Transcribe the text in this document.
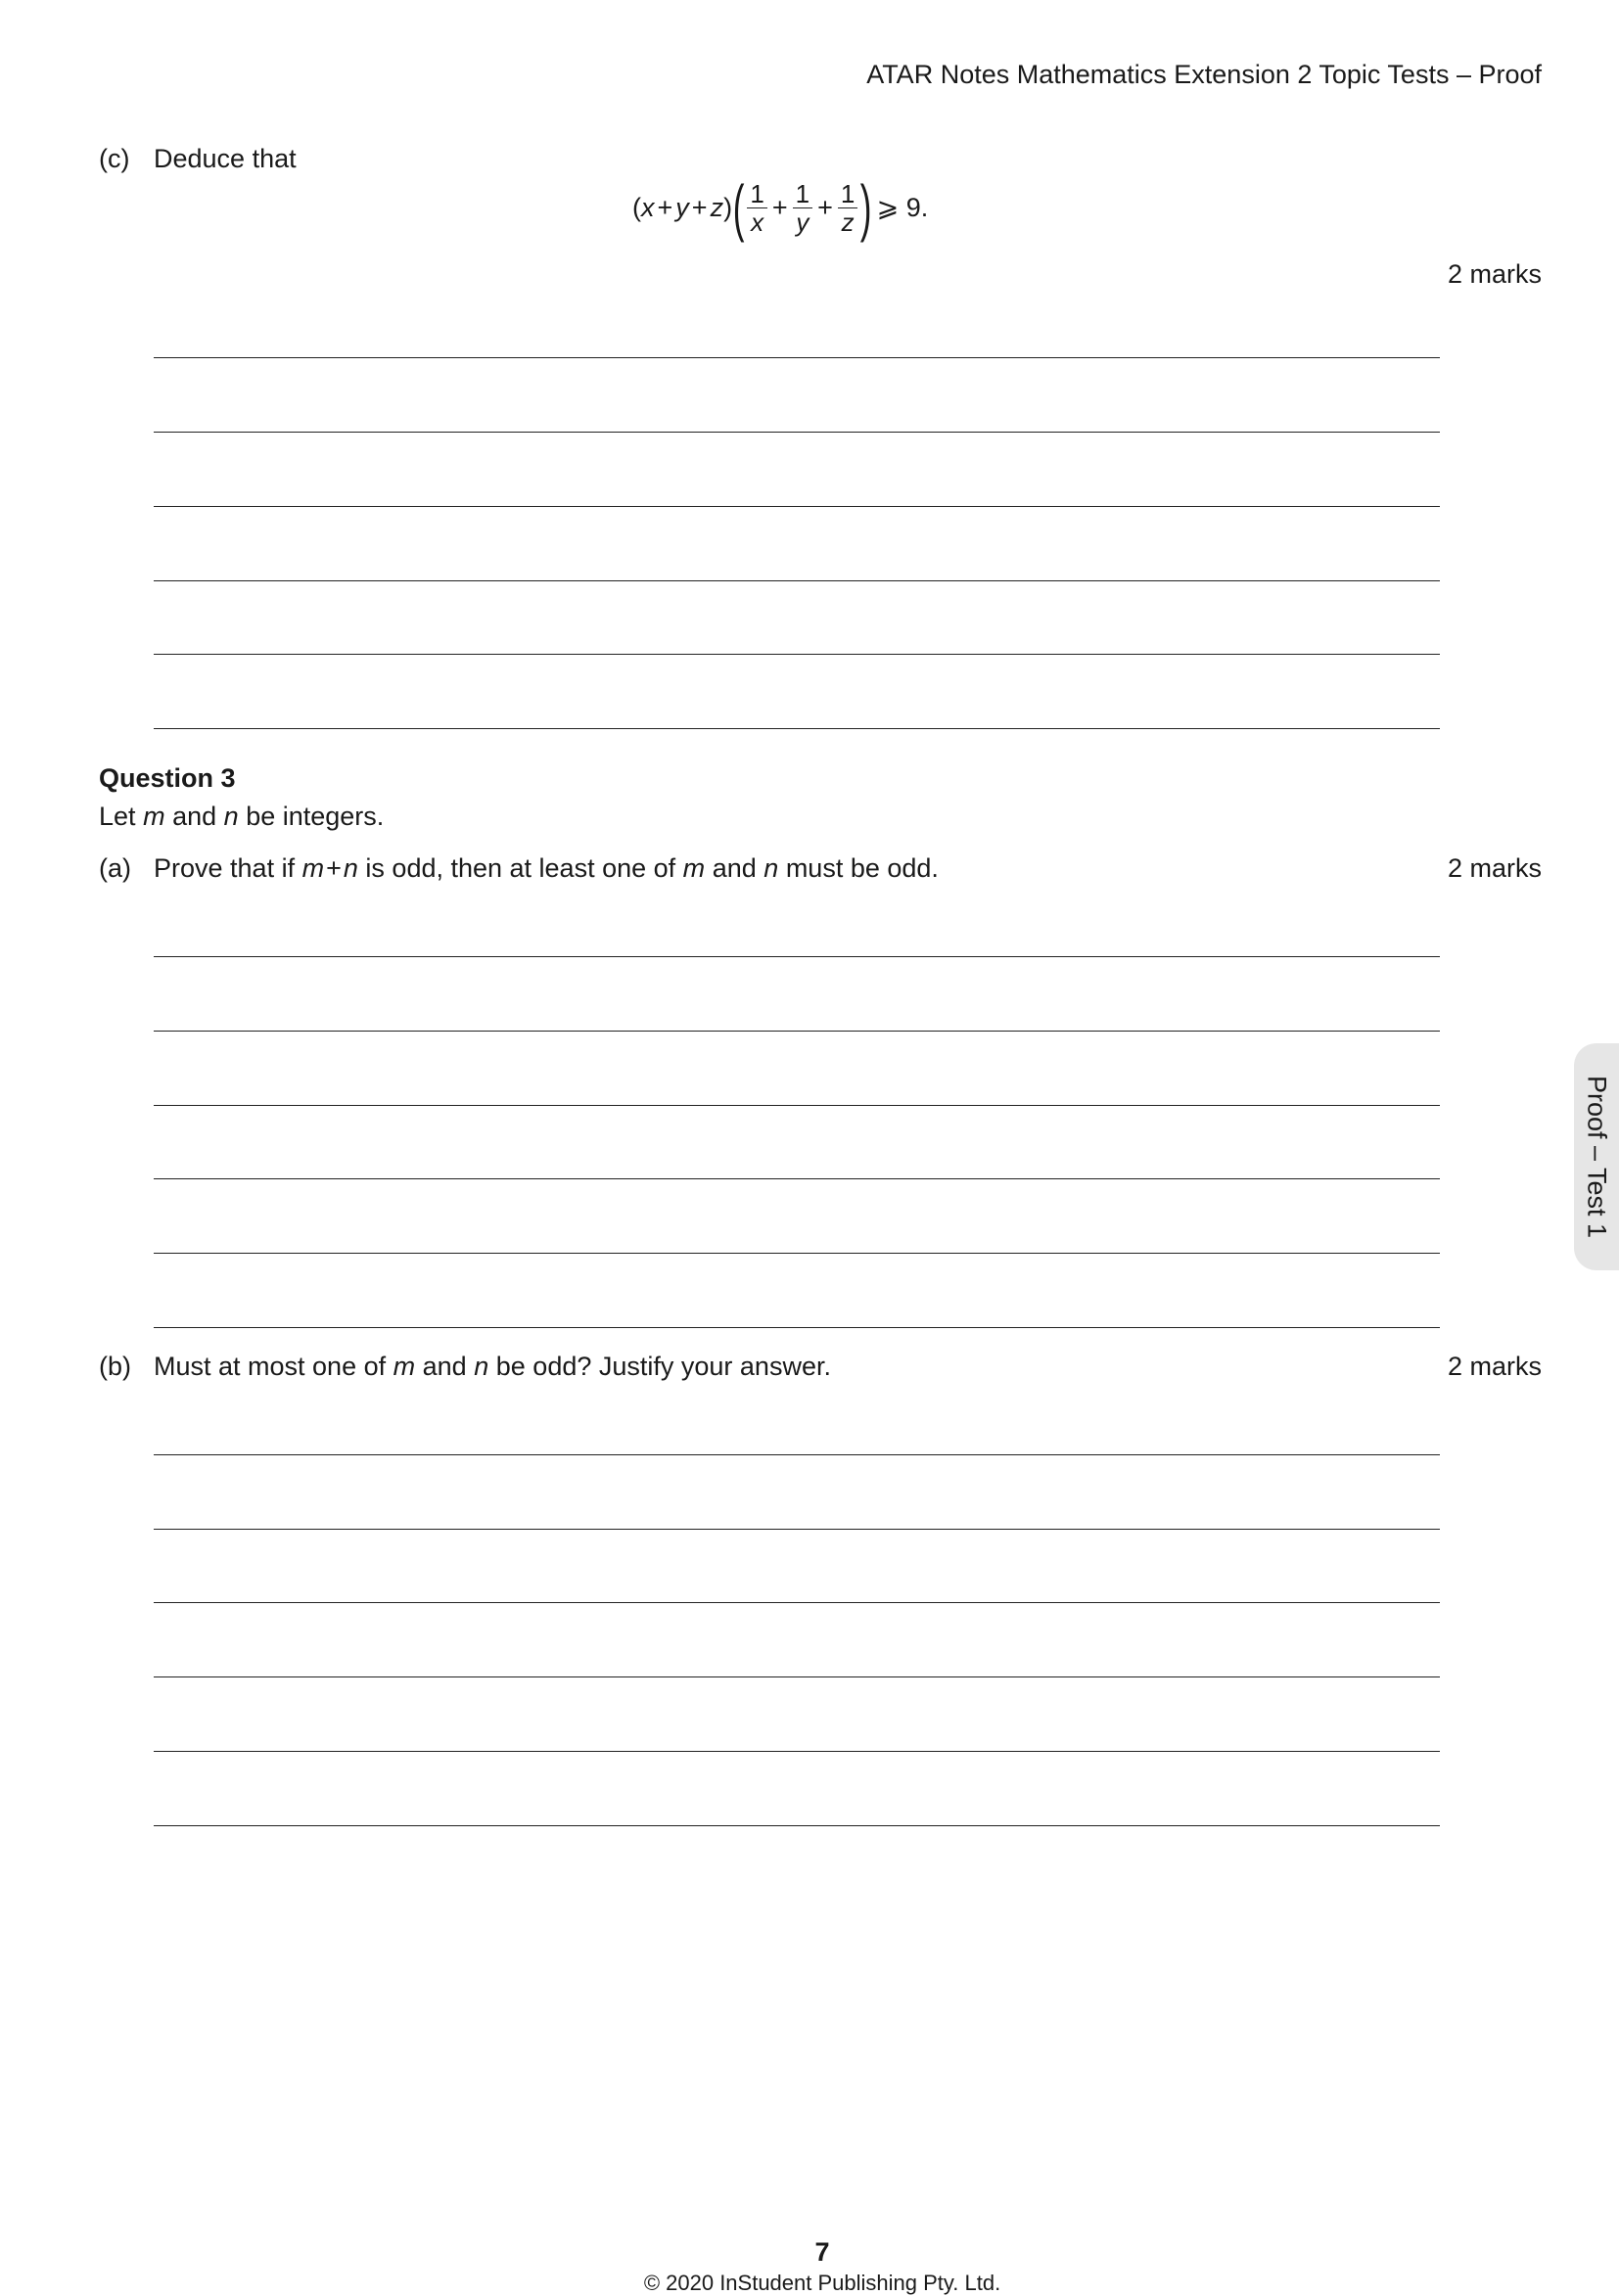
ATAR Notes Mathematics Extension 2 Topic Tests – Proof
(c) Deduce that
( x + y + z ) ( $\frac{1}{x} + \frac{1}{y} + \frac{1}{z}$ ) ⩾ 9.
2 marks
Question 3
Let m and n be integers.
(a) Prove that if m+n is odd, then at least one of m and n must be odd.	2 marks
(b) Must at most one of m and n be odd? Justify your answer.	2 marks
Proof – Test 1
7
© 2020 InStudent Publishing Pty. Ltd.
